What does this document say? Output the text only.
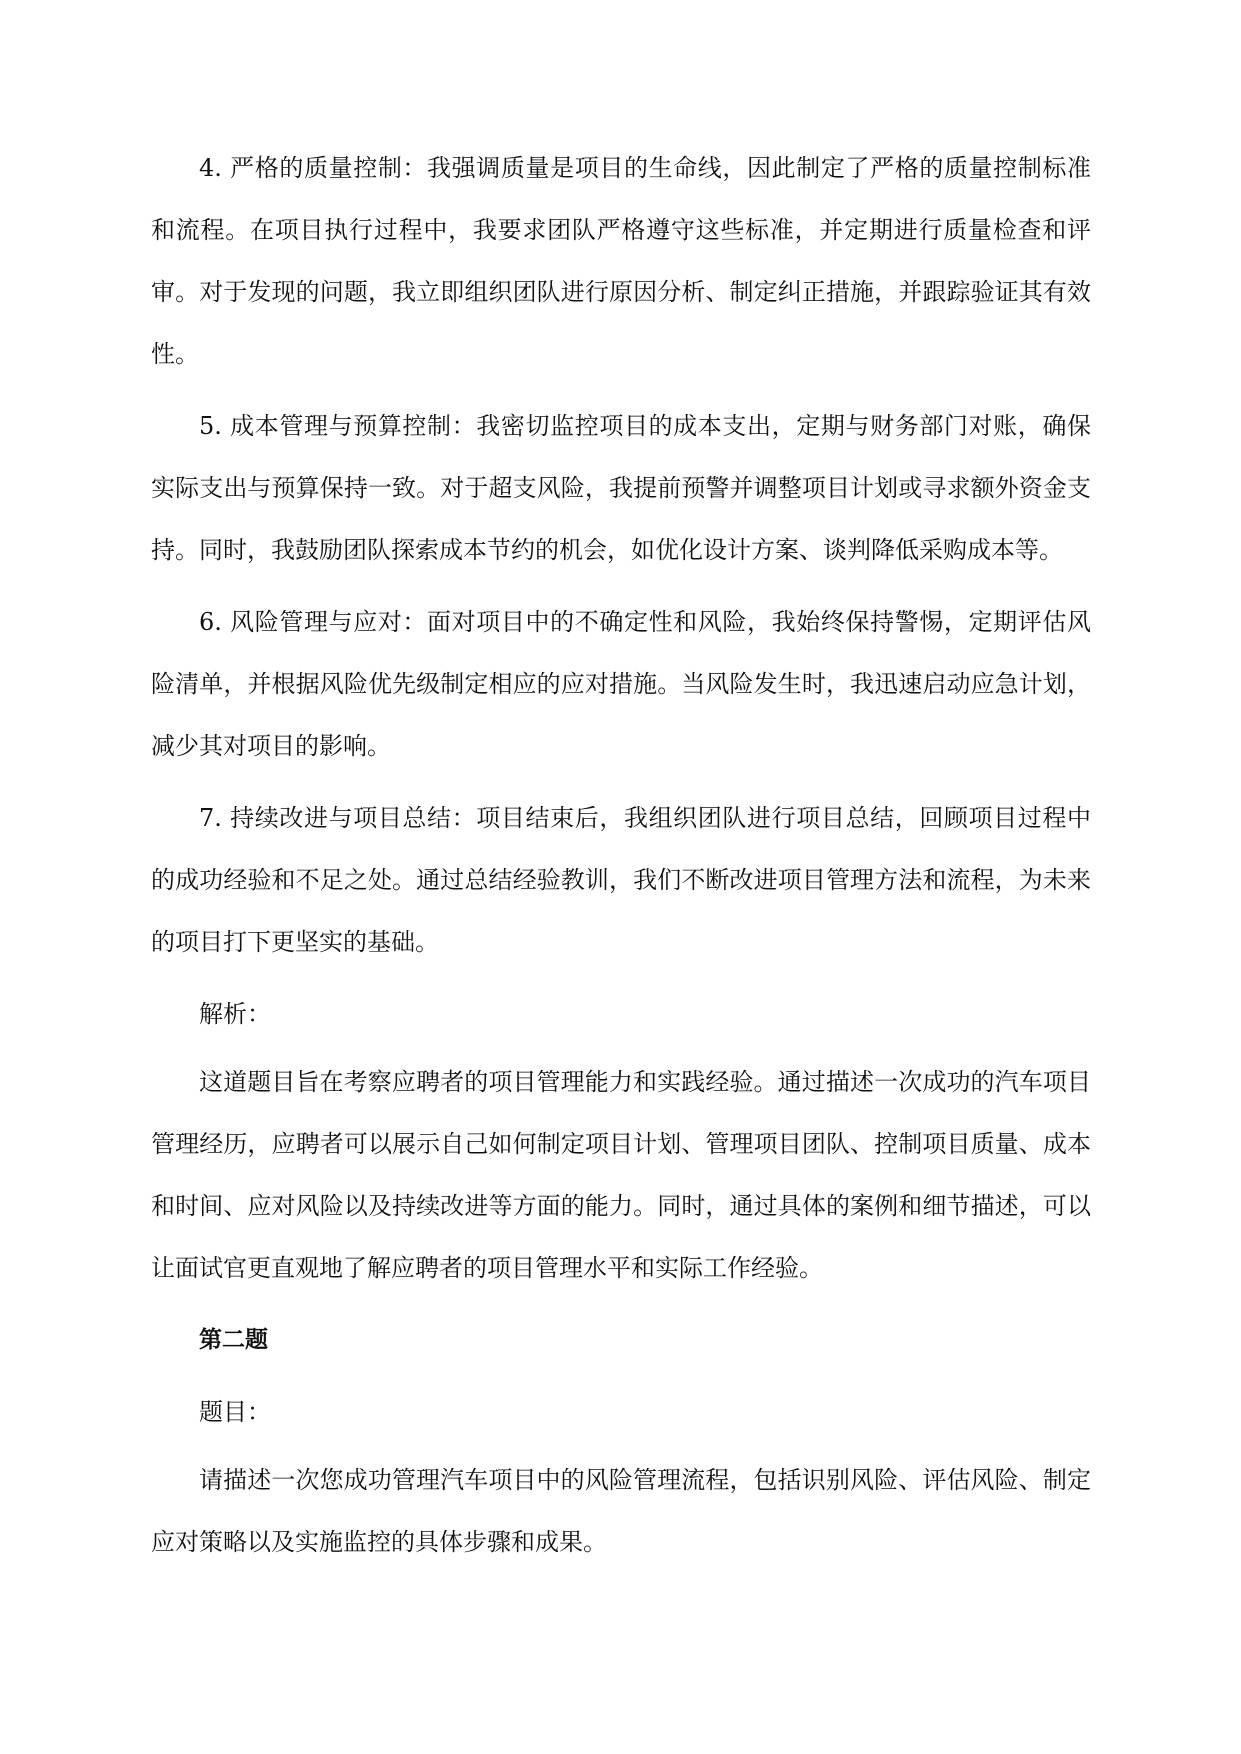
4. 严格的质量控制：我强调质量是项目的生命线，因此制定了严格的质量控制标准和流程。在项目执行过程中，我要求团队严格遵守这些标准，并定期进行质量检查和评审。对于发现的问题，我立即组织团队进行原因分析、制定纠正措施，并跟踪验证其有效性。

5. 成本管理与预算控制：我密切监控项目的成本支出，定期与财务部门对账，确保实际支出与预算保持一致。对于超支风险，我提前预警并调整项目计划或寻求额外资金支持。同时，我鼓励团队探索成本节约的机会，如优化设计方案、谈判降低采购成本等。

6. 风险管理与应对：面对项目中的不确定性和风险，我始终保持警惕，定期评估风险清单，并根据风险优先级制定相应的应对措施。当风险发生时，我迅速启动应急计划，减少其对项目的影响。

7. 持续改进与项目总结：项目结束后，我组织团队进行项目总结，回顾项目过程中的成功经验和不足之处。通过总结经验教训，我们不断改进项目管理方法和流程，为未来的项目打下更坚实的基础。

解析：

这道题目旨在考察应聘者的项目管理能力和实践经验。通过描述一次成功的汽车项目管理经历，应聘者可以展示自己如何制定项目计划、管理项目团队、控制项目质量、成本和时间、应对风险以及持续改进等方面的能力。同时，通过具体的案例和细节描述，可以让面试官更直观地了解应聘者的项目管理水平和实际工作经验。

第二题

题目：

请描述一次您成功管理汽车项目中的风险管理流程，包括识别风险、评估风险、制定应对策略以及实施监控的具体步骤和成果。
